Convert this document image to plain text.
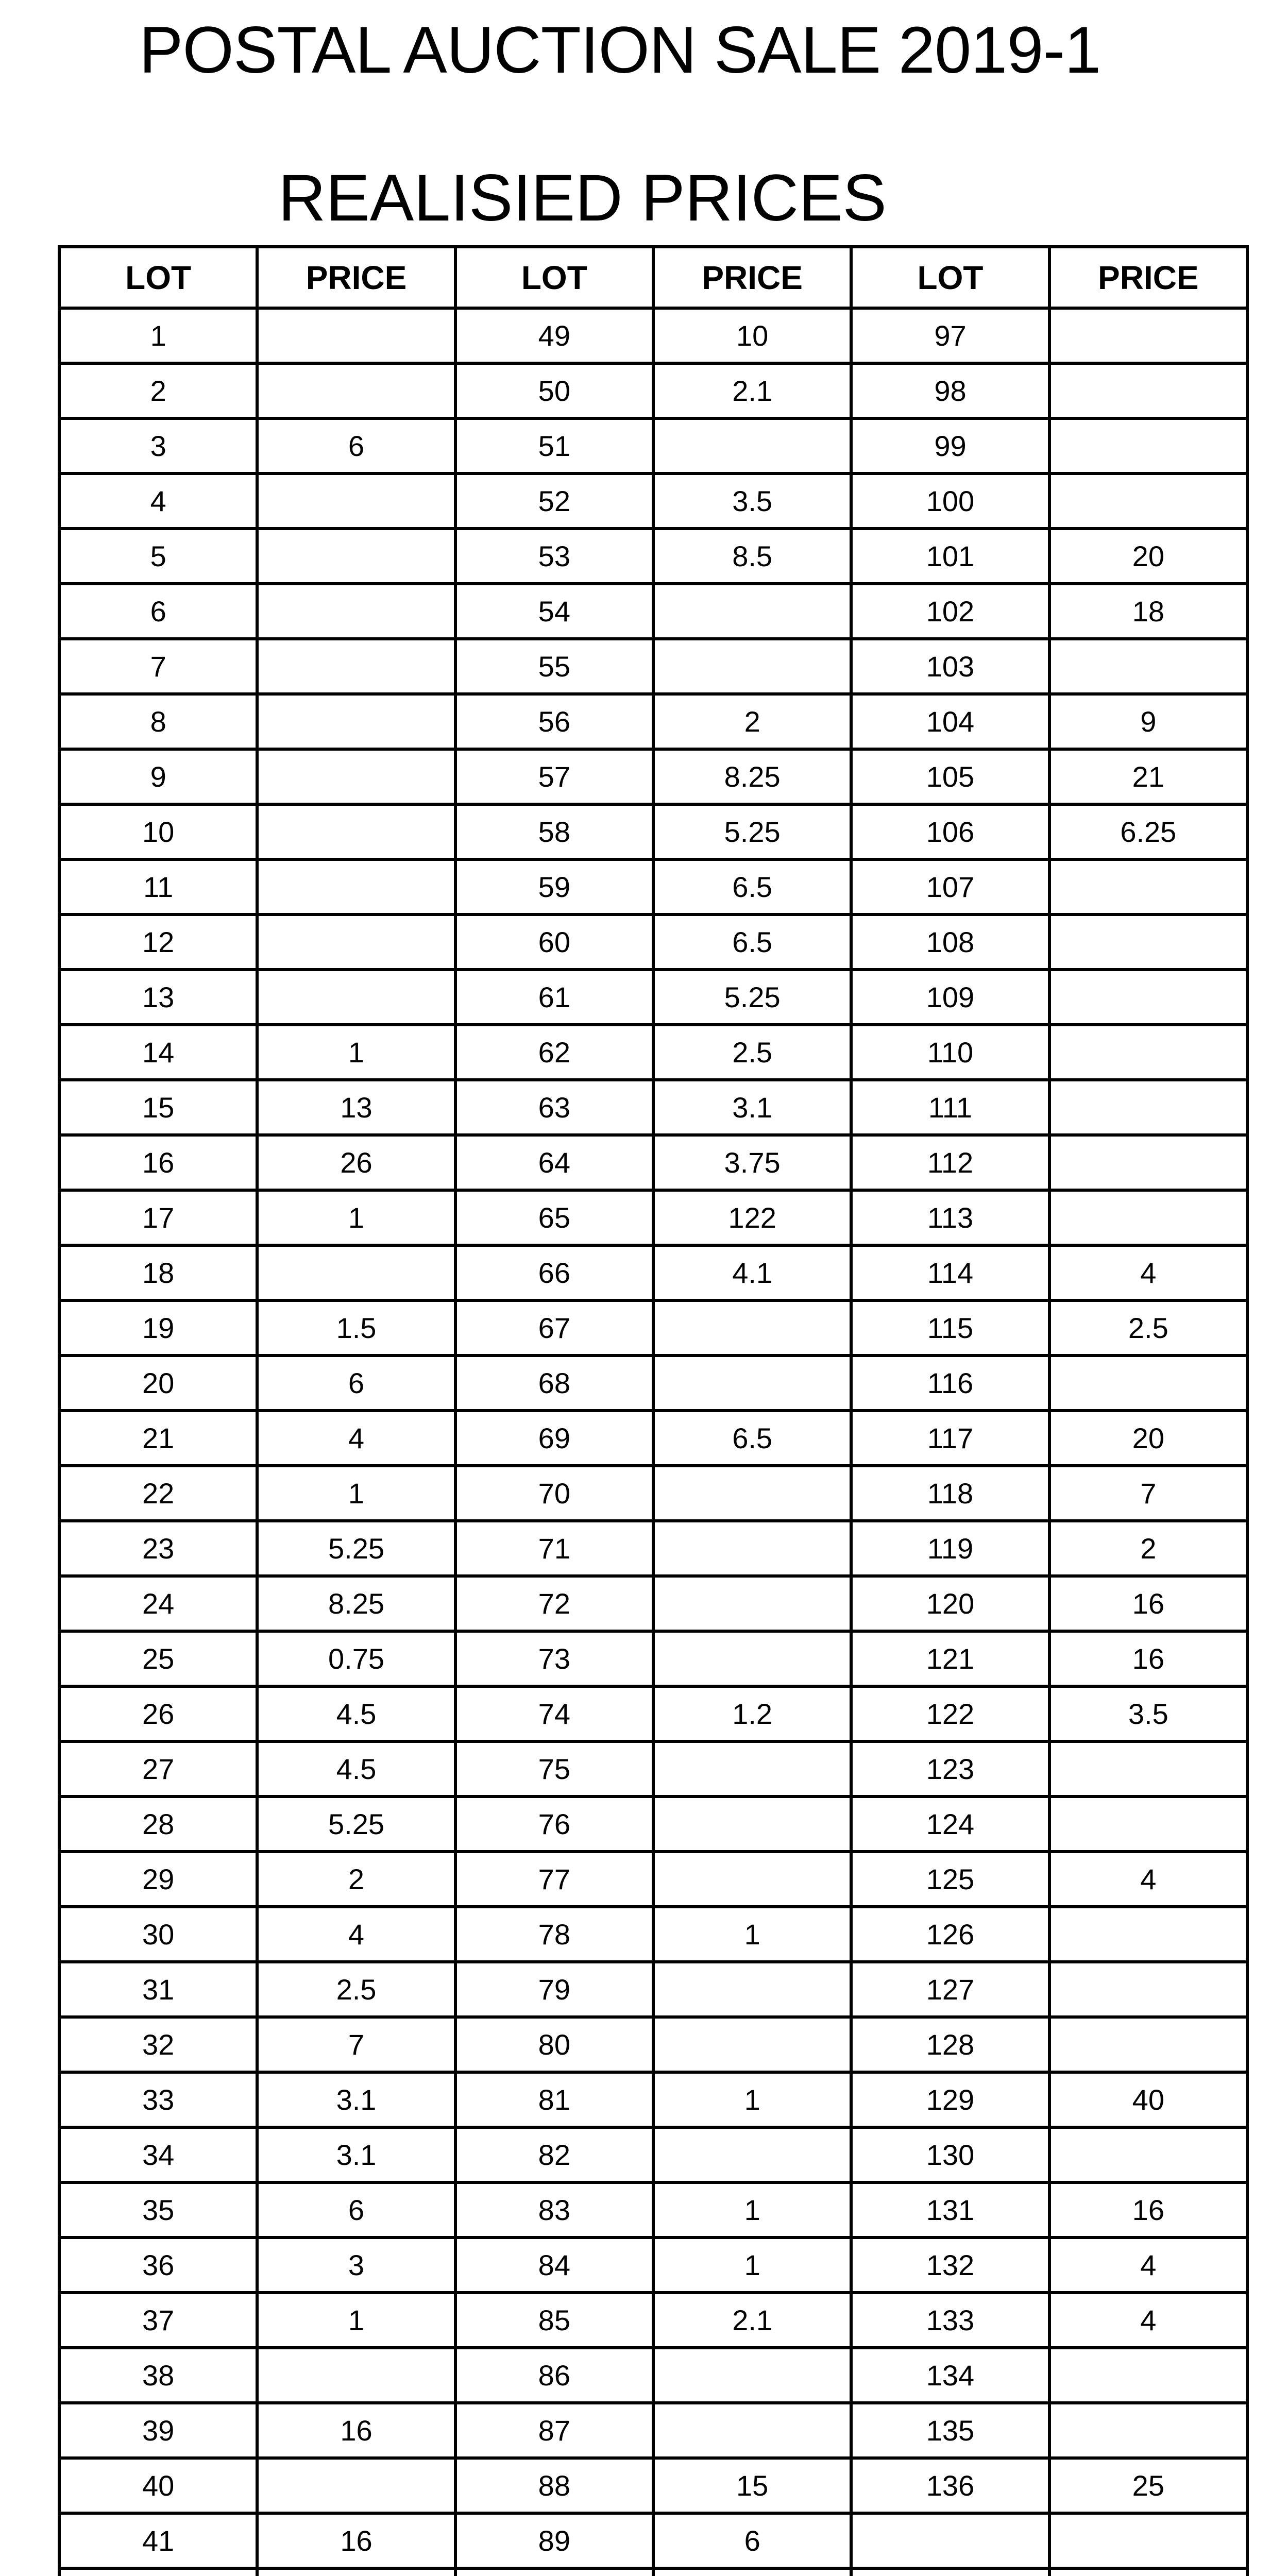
POSTAL AUCTION SALE 2019-1
REALISIED PRICES
LOT	PRICE	LOT	PRICE	LOT	PRICE
1		49	10	97	
2		50	2.1	98	
3	6	51		99	
4		52	3.5	100	
5		53	8.5	101	20
6		54		102	18
7		55		103	
8		56	2	104	9
9		57	8.25	105	21
10		58	5.25	106	6.25
11		59	6.5	107	
12		60	6.5	108	
13		61	5.25	109	
14	1	62	2.5	110	
15	13	63	3.1	111	
16	26	64	3.75	112	
17	1	65	122	113	
18		66	4.1	114	4
19	1.5	67		115	2.5
20	6	68		116	
21	4	69	6.5	117	20
22	1	70		118	7
23	5.25	71		119	2
24	8.25	72		120	16
25	0.75	73		121	16
26	4.5	74	1.2	122	3.5
27	4.5	75		123	
28	5.25	76		124	
29	2	77		125	4
30	4	78	1	126	
31	2.5	79		127	
32	7	80		128	
33	3.1	81	1	129	40
34	3.1	82		130	
35	6	83	1	131	16
36	3	84	1	132	4
37	1	85	2.1	133	4
38		86		134	
39	16	87		135	
40		88	15	136	25
41	16	89	6		
